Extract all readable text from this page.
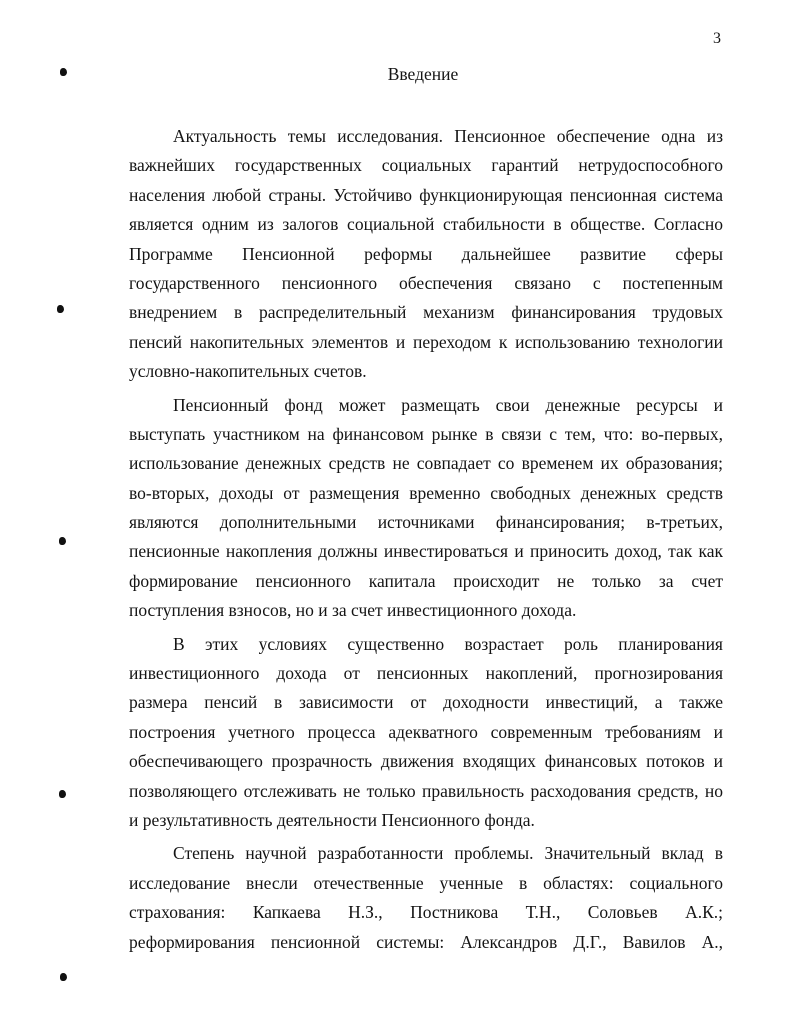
3
Введение

Актуальность темы исследования. Пенсионное обеспечение одна из

важнейших государственных социальных гарантий нетрудоспособного

населения любой страны. Устойчиво функционирующая пенсионная система

является одним из залогов социальной стабильности в обществе. Согласно

Программе Пенсионной реформы дальнейшее развитие сферы

государственного пенсионного обеспечения связано с постепенным

внедрением в распределительный механизм финансирования трудовых

пенсий накопительных элементов и переходом к использованию технологии

условно-накопительных счетов.

Пенсионный фонд может размещать свои денежные ресурсы и

выступать участником на финансовом рынке в связи с тем, что: во-первых,

использование денежных средств не совпадает со временем их образования;

во-вторых, доходы от размещения временно свободных денежных средств

являются дополнительными источниками финансирования; в-третьих,

пенсионные накопления должны инвестироваться и приносить доход, так как

формирование пенсионного капитала происходит не только за счет

поступления взносов, но и за счет инвестиционного дохода.

В этих условиях существенно возрастает роль планирования

инвестиционного дохода от пенсионных накоплений, прогнозирования

размера пенсий в зависимости от доходности инвестиций, а также

построения учетного процесса адекватного современным требованиям и

обеспечивающего прозрачность движения входящих финансовых потоков и

позволяющего отслеживать не только правильность расходования средств, но

и результативность деятельности Пенсионного фонда.

Степень научной разработанности проблемы. Значительный вклад в

исследование внесли отечественные ученные в областях: социального

страхования: Капкаева Н.З., Постникова Т.Н., Соловьев А.К.;

реформирования пенсионной системы: Александров Д.Г., Вавилов А.,
